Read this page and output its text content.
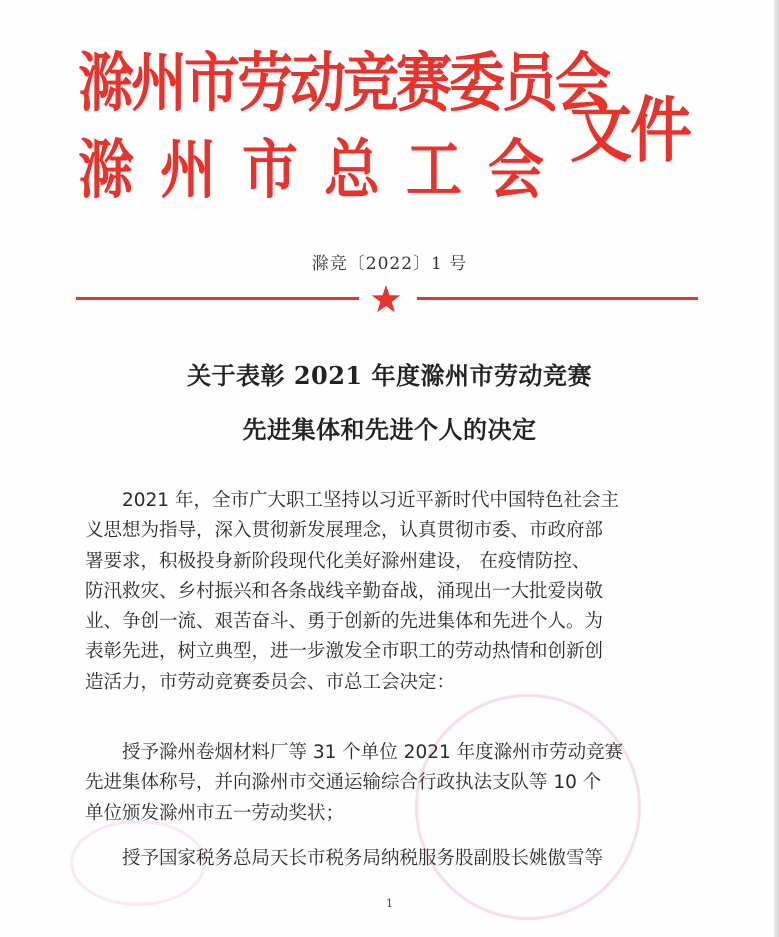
滁州市劳动竞赛委员会
滁州市总工会 文件
滁竞〔2022〕1 号
关于表彰 2021 年度滁州市劳动竞赛
先进集体和先进个人的决定
　　2021 年，全市广大职工坚持以习近平新时代中国特色社会主
义思想为指导，深入贯彻新发展理念，认真贯彻市委、市政府部
署要求，积极投身新阶段现代化美好滁州建设， 在疫情防控、
防汛救灾、乡村振兴和各条战线辛勤奋战，涌现出一大批爱岗敬
业、争创一流、艰苦奋斗、勇于创新的先进集体和先进个人。为
表彰先进，树立典型，进一步激发全市职工的劳动热情和创新创
造活力，市劳动竞赛委员会、市总工会决定：
　　授予滁州卷烟材料厂等 31 个单位 2021 年度滁州市劳动竞赛
先进集体称号，并向滁州市交通运输综合行政执法支队等 10 个
单位颁发滁州市五一劳动奖状；
　　授予国家税务总局天长市税务局纳税服务股副股长姚傲雪等
1
